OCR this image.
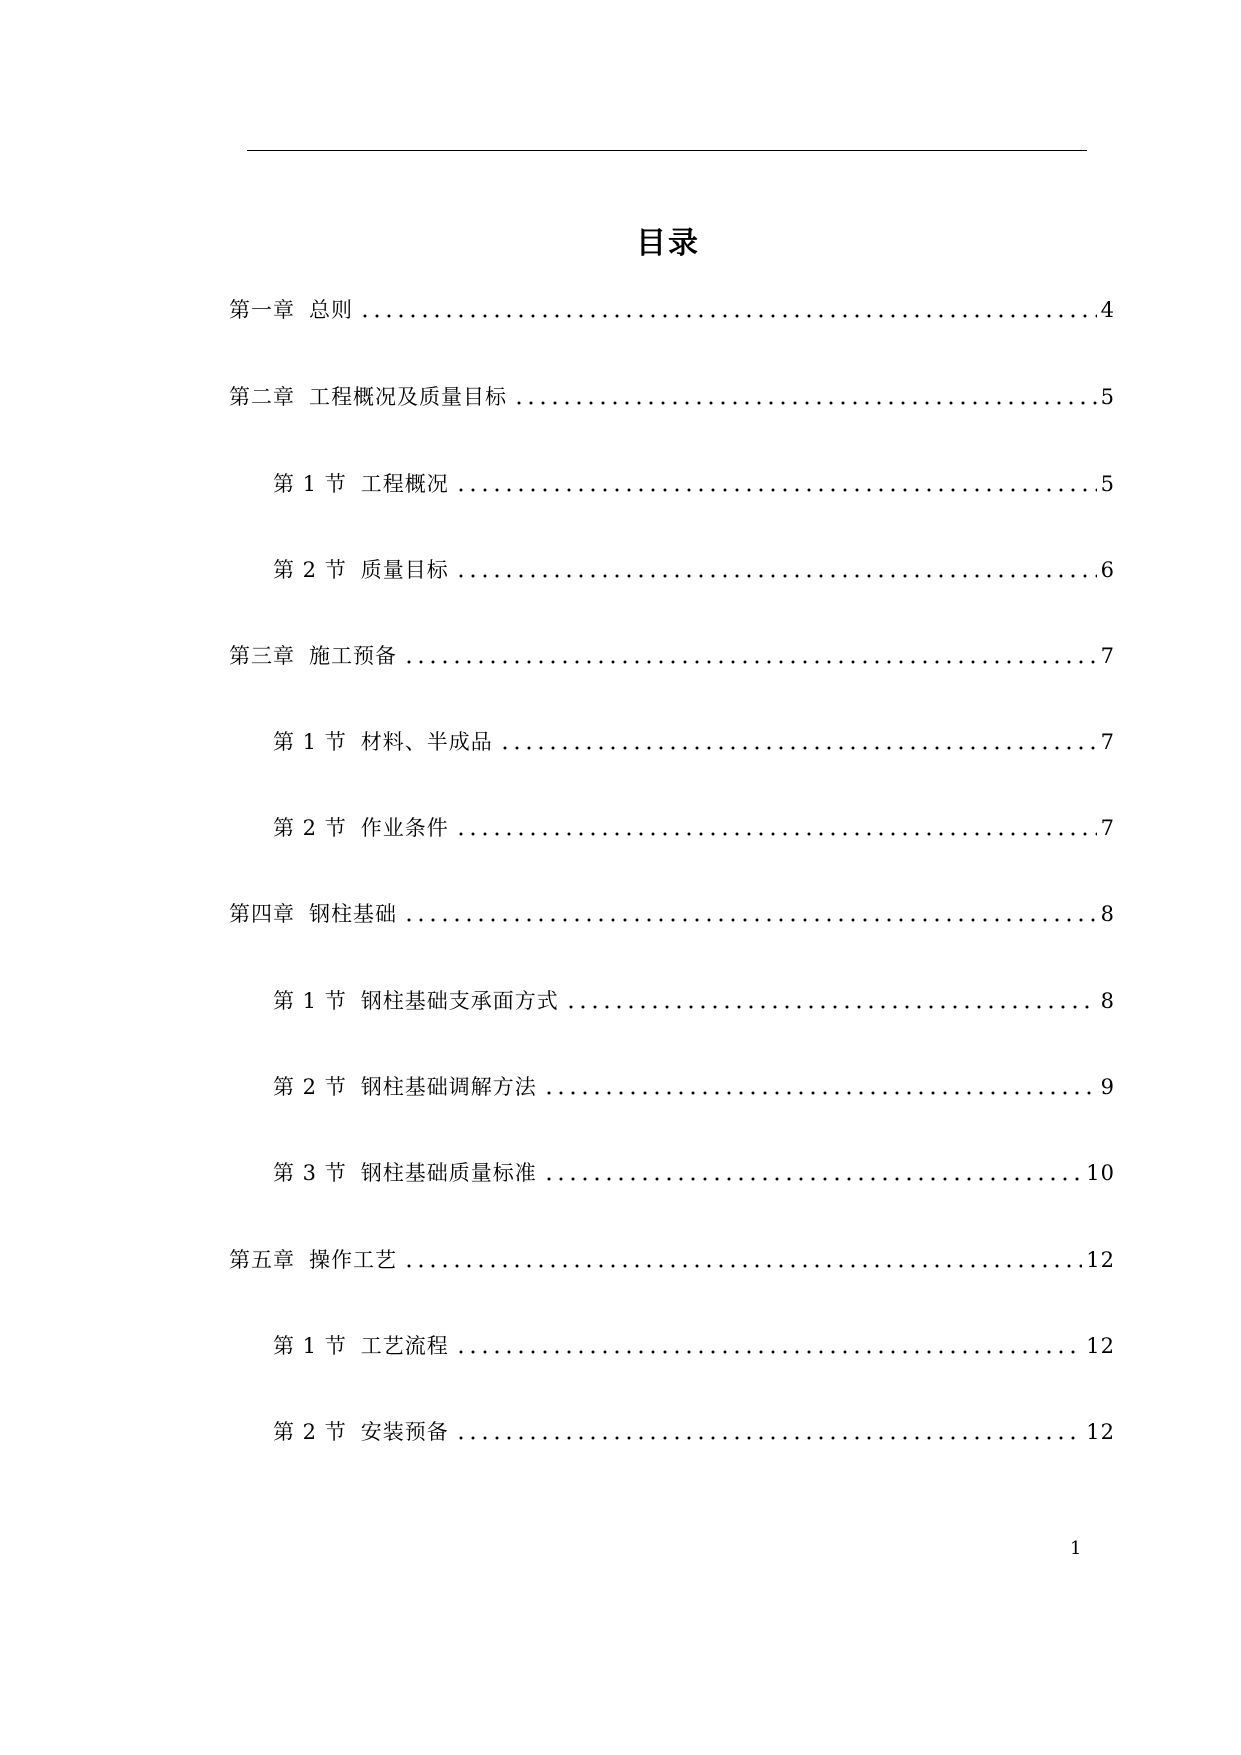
目录
第一章 总则	4
第二章 工程概况及质量目标	5
第 1 节 工程概况	5
第 2 节 质量目标	6
第三章 施工预备	7
第 1 节 材料、半成品	7
第 2 节 作业条件	7
第四章 钢柱基础	8
第 1 节 钢柱基础支承面方式	8
第 2 节 钢柱基础调解方法	9
第 3 节 钢柱基础质量标准	10
第五章 操作工艺	12
第 1 节 工艺流程	12
第 2 节 安装预备	12
1
